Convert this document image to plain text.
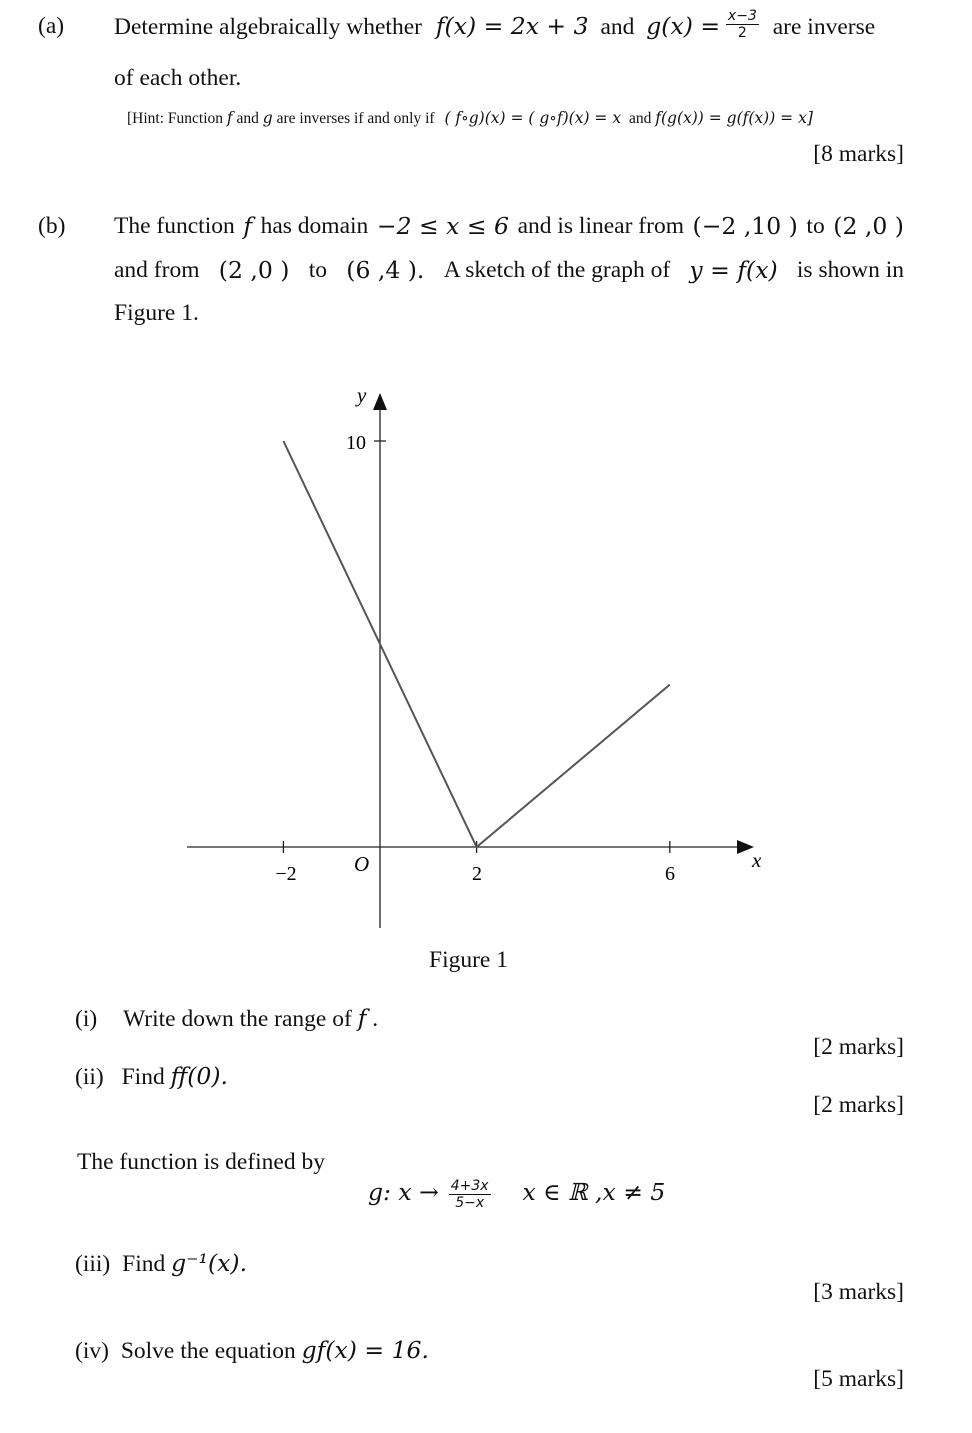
(a) Determine algebraically whether f(x) = 2x + 3 and $g(x) = \frac{x-3}{2}$ are inverse
of each other.
[Hint: Function f and g are inverses if and only if ( f∘g)(x) = ( g∘f)(x) = x and f(g(x)) = g(f(x)) = x]
[8 marks]
(b) The function f has domain −2 ≤ x ≤ 6 and is linear from (−2 ,10 ) to (2 ,0 )
and from (2 ,0 ) to (6 ,4 ). A sketch of the graph of y = f(x) is shown in
Figure 1.
y
x
O
10
−2	2	6
Figure 1
(i) Write down the range of f .
[2 marks]
(ii) Find ff(0).
[2 marks]
The function is defined by
g: $x \to \frac{4+3x}{5-x}$ x ∈ ℝ ,x ≠ 5
(iii) Find g⁻¹(x).
[3 marks]
(iv) Solve the equation gf(x) = 16.
[5 marks]
